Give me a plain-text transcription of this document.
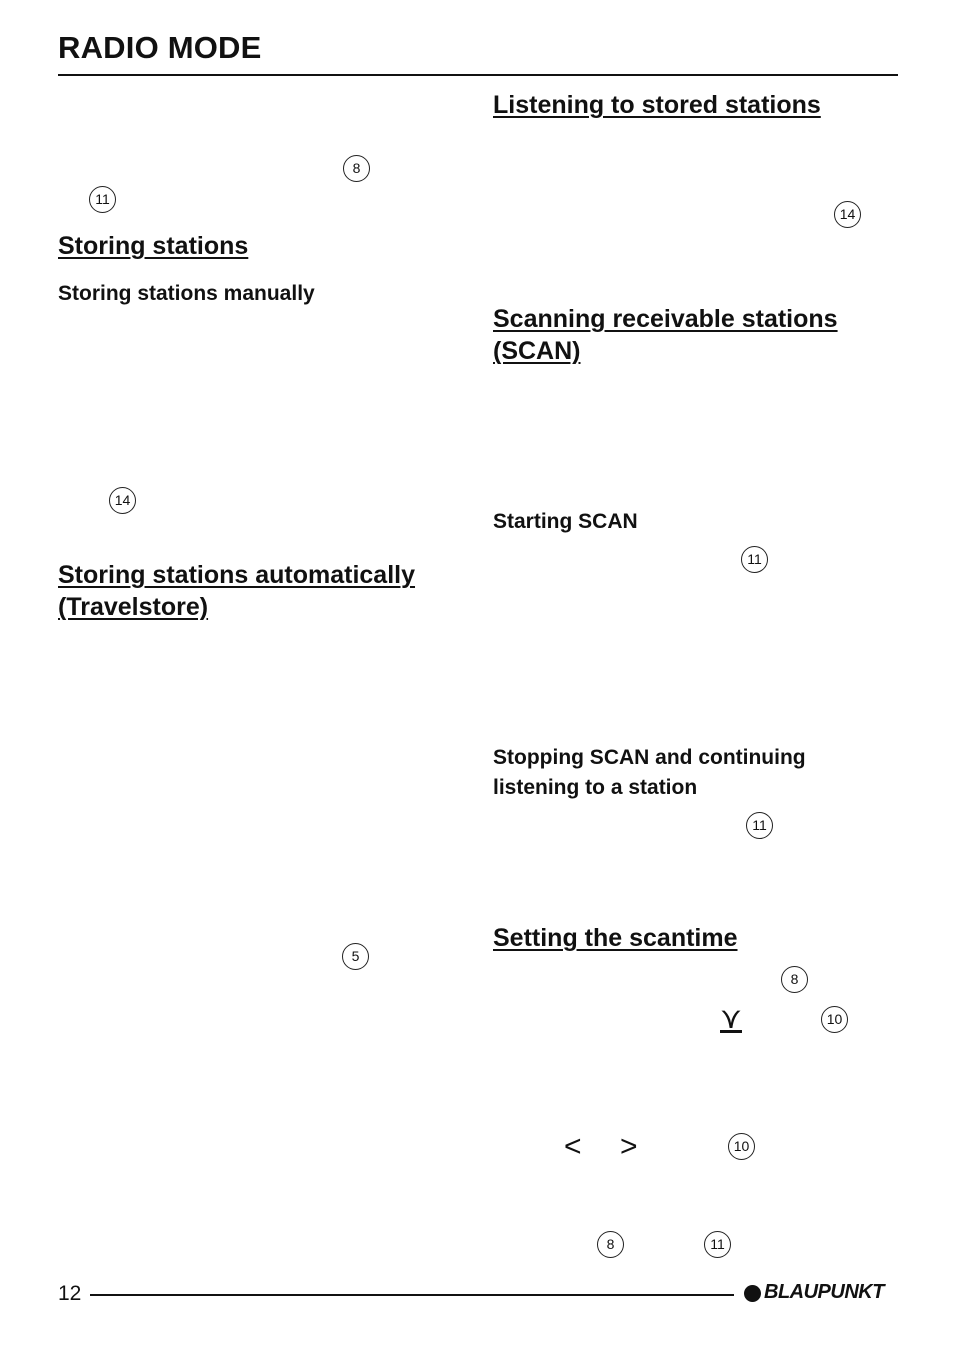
RADIO MODE
8
11
Storing stations
Storing stations manually
14
Storing stations automatically
(Travelstore)
5
Listening to stored stations
14
Scanning receivable stations
(SCAN)
Starting SCAN
11
Stopping SCAN and continuing
listening to a station
11
Setting the scantime
8
⋎	10
< >	10
8	11
12	BLAUPUNKT
